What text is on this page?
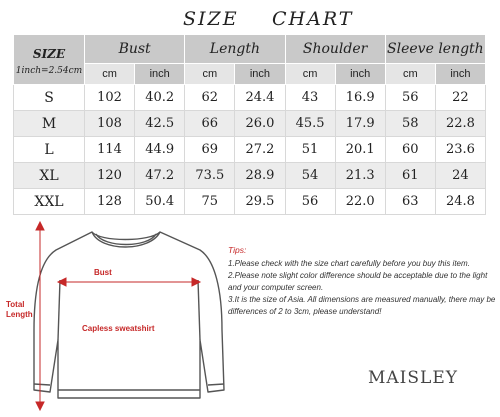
SIZE CHART
SIZE
1inch=2.54cm	Bust		Length		Shoulder		Sleeve length	
	cm	inch	cm	inch	cm	inch	cm	inch
S	102	40.2	62	24.4	43	16.9	56	22
M	108	42.5	66	26.0	45.5	17.9	58	22.8
L	114	44.9	69	27.2	51	20.1	60	23.6
XL	120	47.2	73.5	28.9	54	21.3	61	24
XXL	128	50.4	75	29.5	56	22.0	63	24.8
Total
Length
Bust
Capless sweatshirt

Tips:

1.Please check with the size chart carefully before you buy this item.

2.Please note slight color difference should be acceptable due to the light and your computer screen.

3.It is the size of Asia. All dimensions are measured manually, there may be differences of 2 to 3cm, please understand!

MAISLEY
